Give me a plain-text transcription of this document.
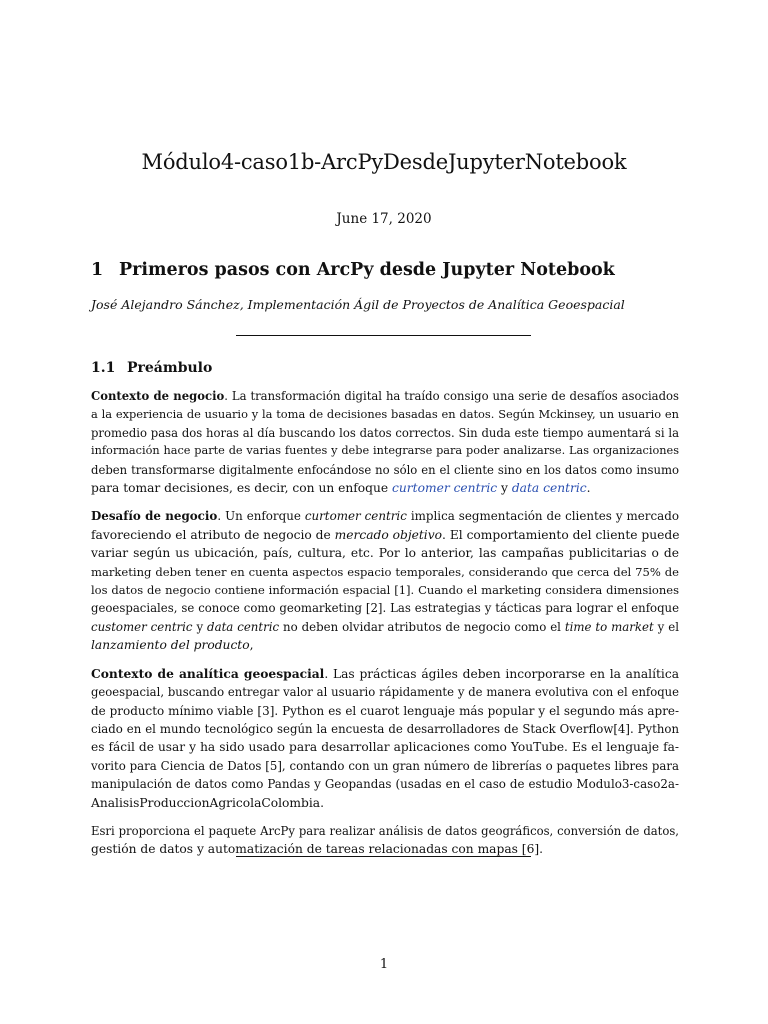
Módulo4-caso1b-ArcPyDesdeJupyterNotebook
June 17, 2020
1 Primeros pasos con ArcPy desde Jupyter Notebook
José Alejandro Sánchez, Implementación Ágil de Proyectos de Analítica Geoespacial
1.1 Preámbulo
Contexto de negocio. La transformación digital ha traído consigo una serie de desafíos asociados
a la experiencia de usuario y la toma de decisiones basadas en datos. Según Mckinsey, un usuario en
promedio pasa dos horas al día buscando los datos correctos. Sin duda este tiempo aumentará si la
información hace parte de varias fuentes y debe integrarse para poder analizarse. Las organizaciones
deben transformarse digitalmente enfocándose no sólo en el cliente sino en los datos como insumo
para tomar decisiones, es decir, con un enfoque curtomer centric y data centric.
Desafío de negocio. Un enforque curtomer centric implica segmentación de clientes y mercado
favoreciendo el atributo de negocio de mercado objetivo. El comportamiento del cliente puede
variar según us ubicación, país, cultura, etc. Por lo anterior, las campañas publicitarias o de
marketing deben tener en cuenta aspectos espacio temporales, considerando que cerca del 75% de
los datos de negocio contiene información espacial [1]. Cuando el marketing considera dimensiones
geoespaciales, se conoce como geomarketing [2]. Las estrategias y tácticas para lograr el enfoque
customer centric y data centric no deben olvidar atributos de negocio como el time to market y el
lanzamiento del producto,
Contexto de analítica geoespacial. Las prácticas ágiles deben incorporarse en la analítica
geoespacial, buscando entregar valor al usuario rápidamente y de manera evolutiva con el enfoque
de producto mínimo viable [3]. Python es el cuarot lenguaje más popular y el segundo más apre-
ciado en el mundo tecnológico según la encuesta de desarrolladores de Stack Overflow[4]. Python
es fácil de usar y ha sido usado para desarrollar aplicaciones como YouTube. Es el lenguaje fa-
vorito para Ciencia de Datos [5], contando con un gran número de librerías o paquetes libres para
manipulación de datos como Pandas y Geopandas (usadas en el caso de estudio Modulo3-caso2a-
AnalisisProduccionAgricolaColombia.
Esri proporciona el paquete ArcPy para realizar análisis de datos geográficos, conversión de datos,
gestión de datos y automatización de tareas relacionadas con mapas [6].
1
